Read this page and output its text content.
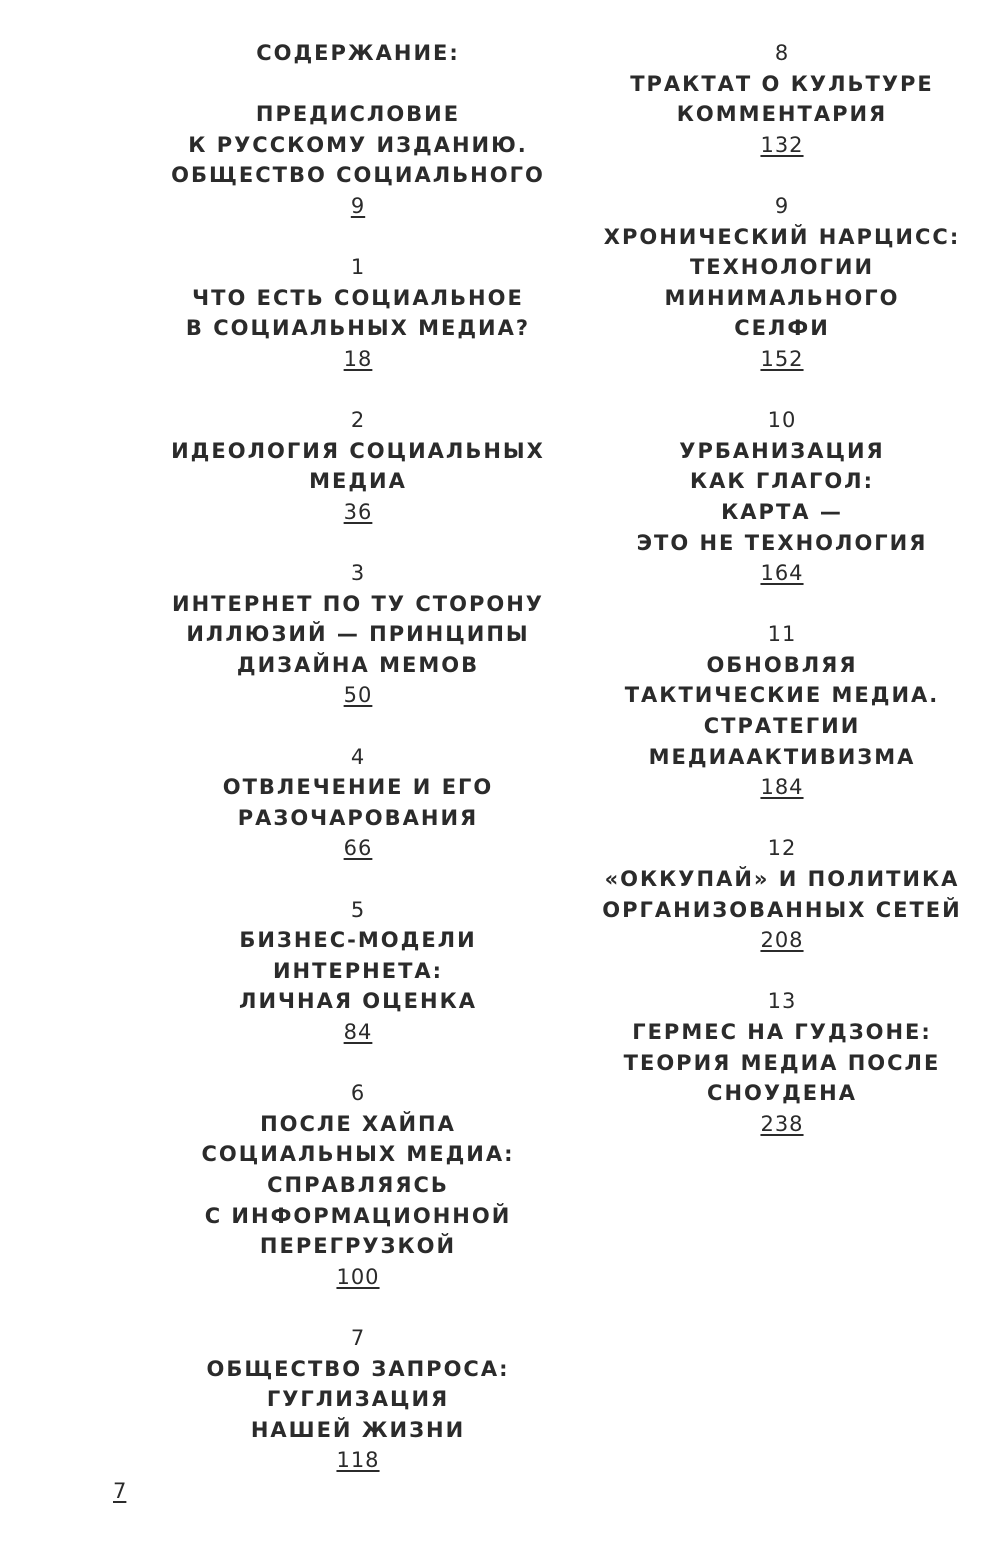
СОДЕРЖАНИЕ:
ПРЕДИСЛОВИЕ
К РУССКОМУ ИЗДАНИЮ.
ОБЩЕСТВО СОЦИАЛЬНОГО
9
1
ЧТО ЕСТЬ СОЦИАЛЬНОЕ
В СОЦИАЛЬНЫХ МЕДИА?
18
2
ИДЕОЛОГИЯ СОЦИАЛЬНЫХ
МЕДИА
36
3
ИНТЕРНЕТ ПО ТУ СТОРОНУ
ИЛЛЮЗИЙ — ПРИНЦИПЫ
ДИЗАЙНА МЕМОВ
50
4
ОТВЛЕЧЕНИЕ И ЕГО
РАЗОЧАРОВАНИЯ
66
5
БИЗНЕС-МОДЕЛИ
ИНТЕРНЕТА:
ЛИЧНАЯ ОЦЕНКА
84
6
ПОСЛЕ ХАЙПА
СОЦИАЛЬНЫХ МЕДИА:
СПРАВЛЯЯСЬ
С ИНФОРМАЦИОННОЙ
ПЕРЕГРУЗКОЙ
100
7
ОБЩЕСТВО ЗАПРОСА:
ГУГЛИЗАЦИЯ
НАШЕЙ ЖИЗНИ
118
8
ТРАКТАТ О КУЛЬТУРЕ
КОММЕНТАРИЯ
132
9
ХРОНИЧЕСКИЙ НАРЦИСС:
ТЕХНОЛОГИИ МИНИМАЛЬНОГО
СЕЛФИ
152
10
УРБАНИЗАЦИЯ
КАК ГЛАГОЛ:
КАРТА —
ЭТО НЕ ТЕХНОЛОГИЯ
164
11
ОБНОВЛЯЯ
ТАКТИЧЕСКИЕ МЕДИА.
СТРАТЕГИИ
МЕДИААКТИВИЗМА
184
12
«ОККУПАЙ» И ПОЛИТИКА
ОРГАНИЗОВАННЫХ СЕТЕЙ
208
13
ГЕРМЕС НА ГУДЗОНЕ:
ТЕОРИЯ МЕДИА ПОСЛЕ
СНОУДЕНА
238
7
